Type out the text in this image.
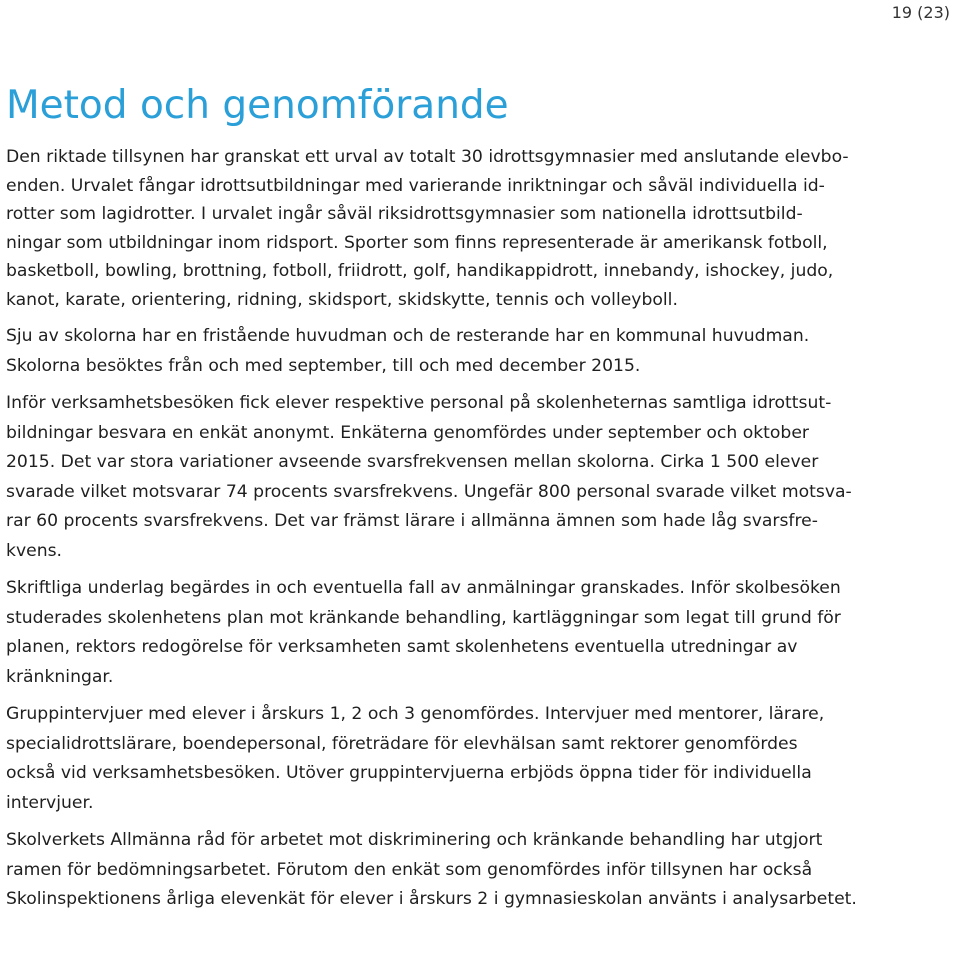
19 (23)
Metod och genomförande

Den riktade tillsynen har granskat ett urval av totalt 30 idrottsgymnasier med anslutande elevbo-
enden. Urvalet fångar idrottsutbildningar med varierande inriktningar och såväl individuella id-
rotter som lagidrotter. I urvalet ingår såväl riksidrottsgymnasier som nationella idrottsutbild-
ningar som utbildningar inom ridsport. Sporter som finns representerade är amerikansk fotboll,
basketboll, bowling, brottning, fotboll, friidrott, golf, handikappidrott, innebandy, ishockey, judo,
kanot, karate, orientering, ridning, skidsport, skidskytte, tennis och volleyboll.

Sju av skolorna har en fristående huvudman och de resterande har en kommunal huvudman.
Skolorna besöktes från och med september, till och med december 2015.

Inför verksamhetsbesöken fick elever respektive personal på skolenheternas samtliga idrottsut-
bildningar besvara en enkät anonymt. Enkäterna genomfördes under september och oktober
2015. Det var stora variationer avseende svarsfrekvensen mellan skolorna. Cirka 1 500 elever
svarade vilket motsvarar 74 procents svarsfrekvens. Ungefär 800 personal svarade vilket motsva-
rar 60 procents svarsfrekvens. Det var främst lärare i allmänna ämnen som hade låg svarsfre-
kvens.

Skriftliga underlag begärdes in och eventuella fall av anmälningar granskades. Inför skolbesöken
studerades skolenhetens plan mot kränkande behandling, kartläggningar som legat till grund för
planen, rektors redogörelse för verksamheten samt skolenhetens eventuella utredningar av
kränkningar.

Gruppintervjuer med elever i årskurs 1, 2 och 3 genomfördes. Intervjuer med mentorer, lärare,
specialidrottslärare, boendepersonal, företrädare för elevhälsan samt rektorer genomfördes
också vid verksamhetsbesöken. Utöver gruppintervjuerna erbjöds öppna tider för individuella
intervjuer.

Skolverkets Allmänna råd för arbetet mot diskriminering och kränkande behandling har utgjort
ramen för bedömningsarbetet. Förutom den enkät som genomfördes inför tillsynen har också
Skolinspektionens årliga elevenkät för elever i årskurs 2 i gymnasieskolan använts i analysarbetet.
